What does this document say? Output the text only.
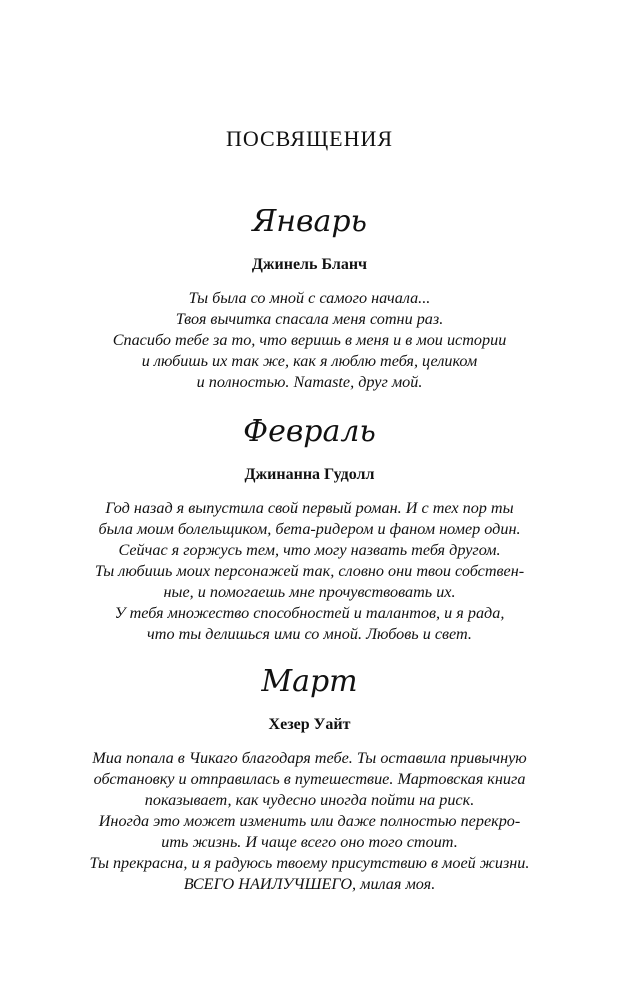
ПОСВЯЩЕНИЯ
Январь
Джинель Бланч
Ты была со мной с самого начала...
Твоя вычитка спасала меня сотни раз.
Спасибо тебе за то, что веришь в меня и в мои истории
и любишь их так же, как я люблю тебя, целиком
и полностью. Namaste, друг мой.
Февраль
Джинанна Гудолл
Год назад я выпустила свой первый роман. И с тех пор ты
была моим болельщиком, бета-ридером и фаном номер один.
Сейчас я горжусь тем, что могу назвать тебя другом.
Ты любишь моих персонажей так, словно они твои собствен-
ные, и помогаешь мне прочувствовать их.
У тебя множество способностей и талантов, и я рада,
что ты делишься ими со мной. Любовь и свет.
Март
Хезер Уайт
Миа попала в Чикаго благодаря тебе. Ты оставила привычную
обстановку и отправилась в путешествие. Мартовская книга
показывает, как чудесно иногда пойти на риск.
Иногда это может изменить или даже полностью перекро-
ить жизнь. И чаще всего оно того стоит.
Ты прекрасна, и я радуюсь твоему присутствию в моей жизни.
ВСЕГО НАИЛУЧШЕГО, милая моя.
